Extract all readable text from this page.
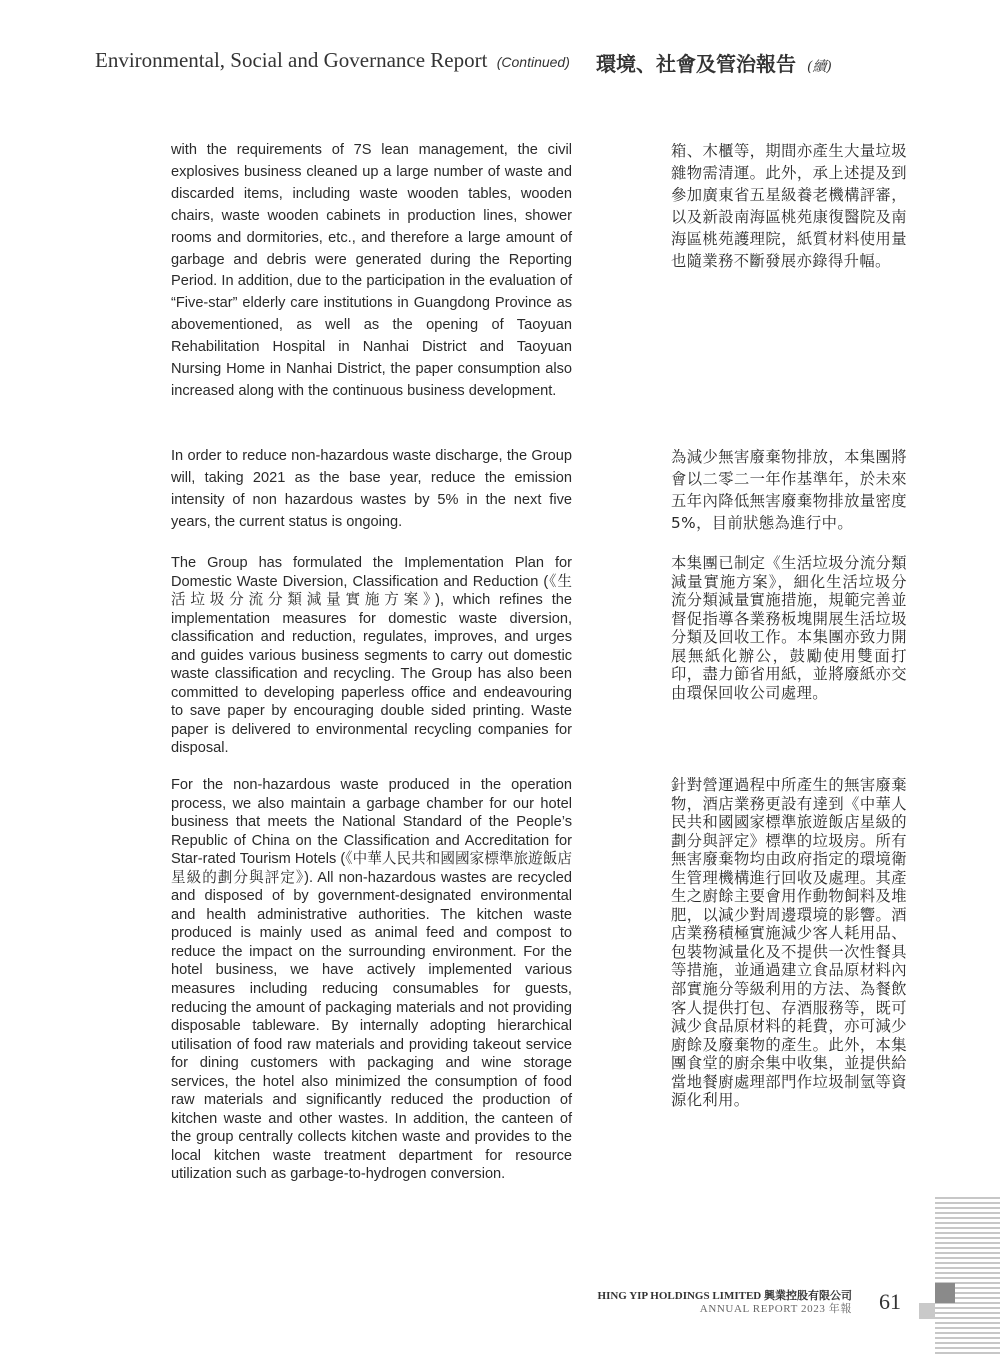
Environmental, Social and Governance Report (Continued) 環境、社會及管治報告 (續)

with the requirements of 7S lean management, the civil explosives business cleaned up a large number of waste and discarded items, including waste wooden tables, wooden chairs, waste wooden cabinets in production lines, shower rooms and dormitories, etc., and therefore a large amount of garbage and debris were generated during the Reporting Period. In addition, due to the participation in the evaluation of “Five-star” elderly care institutions in Guangdong Province as abovementioned, as well as the opening of Taoyuan Rehabilitation Hospital in Nanhai District and Taoyuan Nursing Home in Nanhai District, the paper consumption also increased along with the continuous business development.

In order to reduce non-hazardous waste discharge, the Group will, taking 2021 as the base year, reduce the emission intensity of non hazardous wastes by 5% in the next five years, the current status is ongoing.

The Group has formulated the Implementation Plan for Domestic Waste Diversion, Classification and Reduction (《生活垃圾分流分類減量實施方案》), which refines the implementation measures for domestic waste diversion, classification and reduction, regulates, improves, and urges and guides various business segments to carry out domestic waste classification and recycling. The Group has also been committed to developing paperless office and endeavouring to save paper by encouraging double sided printing. Waste paper is delivered to environmental recycling companies for disposal.

For the non-hazardous waste produced in the operation process, we also maintain a garbage chamber for our hotel business that meets the National Standard of the People’s Republic of China on the Classification and Accreditation for Star-rated Tourism Hotels (《中華人民共和國國家標準旅遊飯店星級的劃分與評定》). All non-hazardous wastes are recycled and disposed of by government-designated environmental and health administrative authorities. The kitchen waste produced is mainly used as animal feed and compost to reduce the impact on the surrounding environment. For the hotel business, we have actively implemented various measures including reducing consumables for guests, reducing the amount of packaging materials and not providing disposable tableware. By internally adopting hierarchical utilisation of food raw materials and providing takeout service for dining customers with packaging and wine storage services, the hotel also minimized the consumption of food raw materials and significantly reduced the production of kitchen waste and other wastes. In addition, the canteen of the group centrally collects kitchen waste and provides to the local kitchen waste treatment department for resource utilization such as garbage-to-hydrogen conversion.

箱、木櫃等，期間亦產生大量垃圾雜物需清運。此外，承上述提及到參加廣東省五星級養老機構評審，以及新設南海區桃苑康復醫院及南海區桃苑護理院，紙質材料使用量也隨業務不斷發展亦錄得升幅。

為減少無害廢棄物排放，本集團將會以二零二一年作基準年，於未來五年內降低無害廢棄物排放量密度5%，目前狀態為進行中。

本集團已制定《生活垃圾分流分類減量實施方案》，細化生活垃圾分流分類減量實施措施，規範完善並督促指導各業務板塊開展生活垃圾分類及回收工作。本集團亦致力開展無紙化辦公，鼓勵使用雙面打印，盡力節省用紙，並將廢紙亦交由環保回收公司處理。

針對營運過程中所產生的無害廢棄物，酒店業務更設有達到《中華人民共和國國家標準旅遊飯店星級的劃分與評定》標準的垃圾房。所有無害廢棄物均由政府指定的環境衛生管理機構進行回收及處理。其產生之廚餘主要會用作動物飼料及堆肥，以減少對周邊環境的影響。酒店業務積極實施減少客人耗用品、包裝物減量化及不提供一次性餐具等措施，並通過建立食品原材料內部實施分等級利用的方法、為餐飲客人提供打包、存酒服務等，既可減少食品原材料的耗費，亦可減少廚餘及廢棄物的產生。此外，本集團食堂的廚余集中收集，並提供給當地餐廚處理部門作垃圾制氫等資源化利用。

HING YIP HOLDINGS LIMITED 興業控股有限公司
ANNUAL REPORT 2023 年報 61
